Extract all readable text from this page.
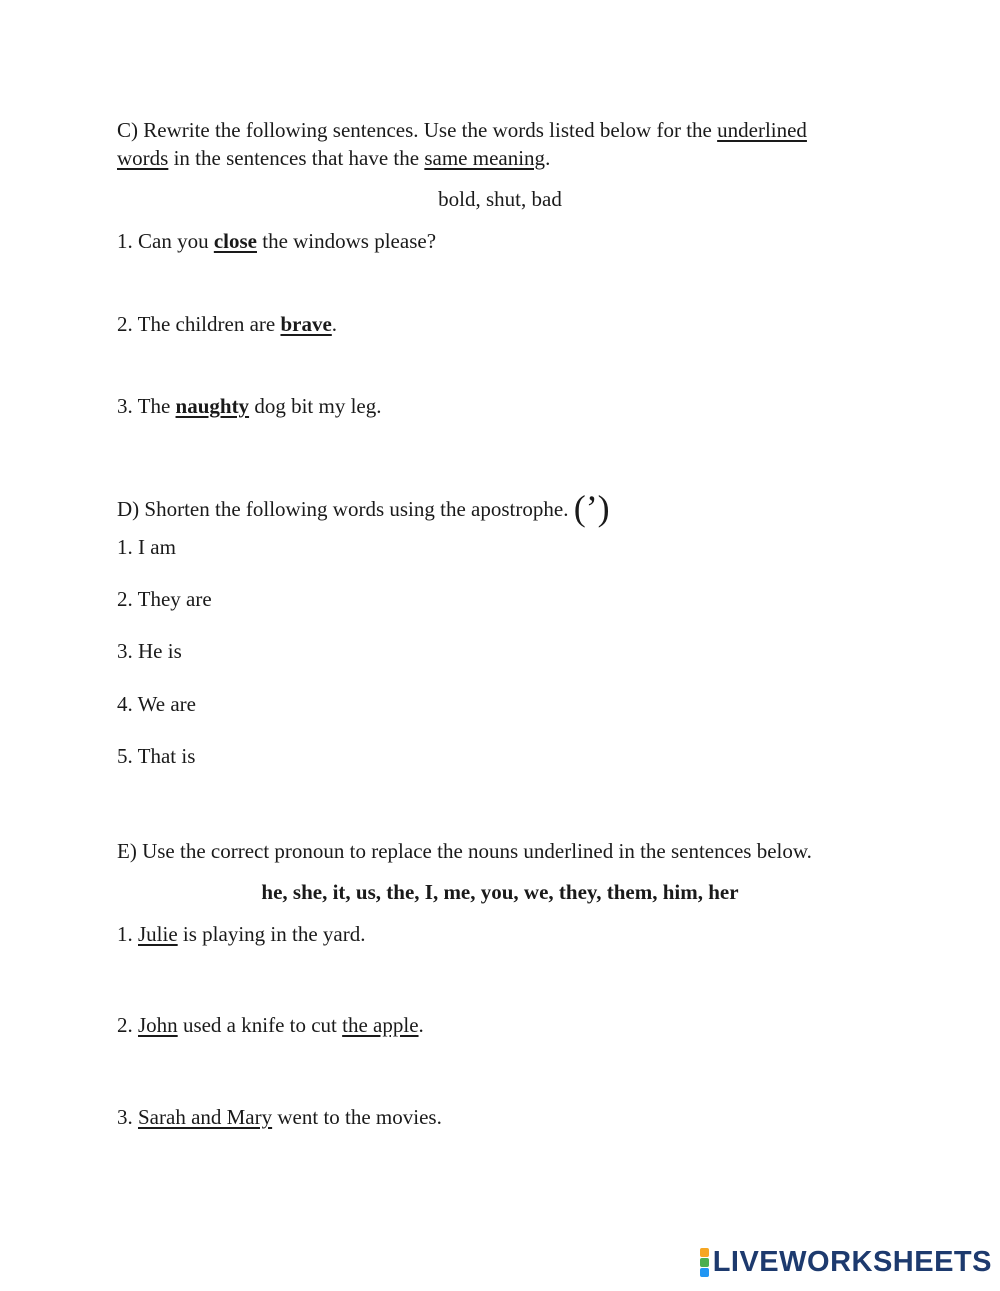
C) Rewrite the following sentences. Use the words listed below for the underlined
words in the sentences that have the same meaning.
bold, shut, bad
1. Can you close the windows please?
2. The children are brave.
3. The naughty dog bit my leg.
D) Shorten the following words using the apostrophe. (’)
1. I am
2. They are
3. He is
4. We are
5. That is
E) Use the correct pronoun to replace the nouns underlined in the sentences below.
he, she, it, us, the, I, me, you, we, they, them, him, her
1. Julie is playing in the yard.
2. John used a knife to cut the apple.
3. Sarah and Mary went to the movies.
LIVEWORKSHEETS
